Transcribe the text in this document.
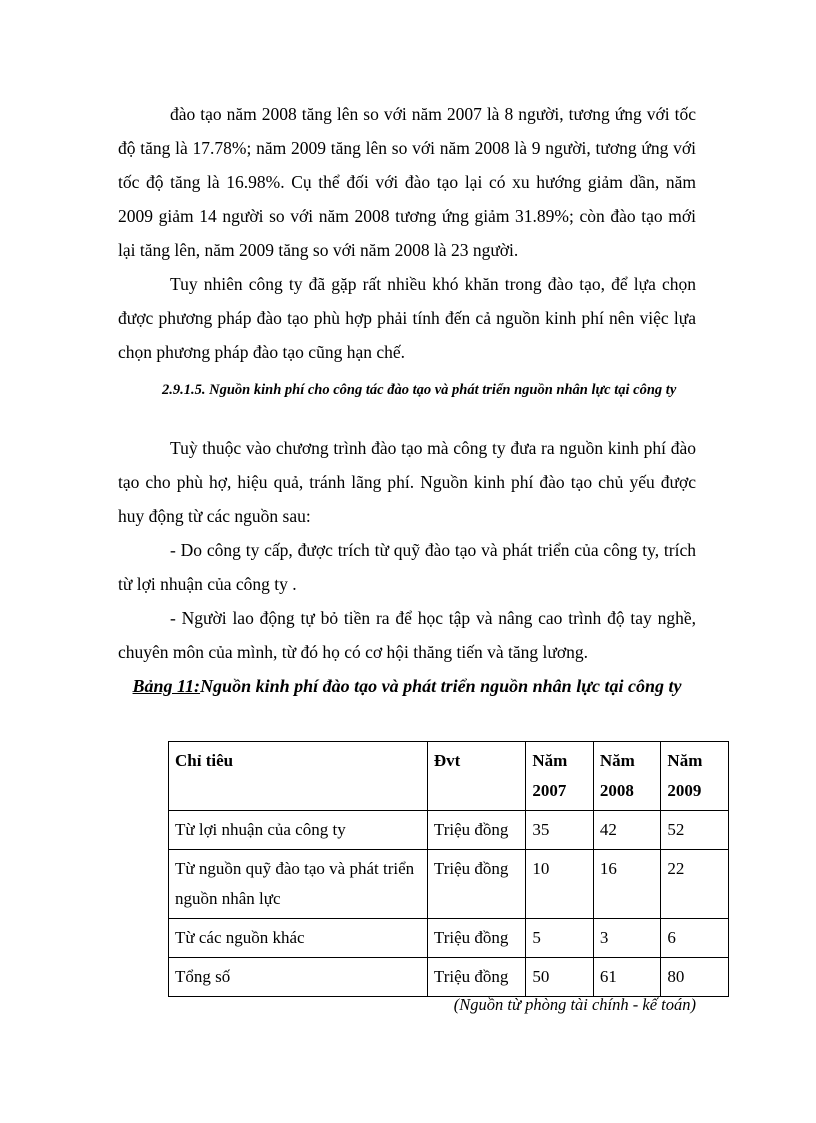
đào tạo năm 2008 tăng lên so với năm 2007 là 8 người, tương ứng với tốc độ tăng là 17.78%; năm 2009 tăng lên so với năm 2008 là 9 người, tương ứng với tốc độ tăng là 16.98%. Cụ thể đối với đào tạo lại có xu hướng giảm dần, năm 2009 giảm 14 người so với năm 2008 tương ứng giảm 31.89%; còn đào tạo mới lại tăng lên, năm 2009 tăng so với năm 2008 là 23 người.

Tuy nhiên công ty đã gặp rất nhiều khó khăn trong đào tạo, để lựa chọn được phương pháp đào tạo phù hợp phải tính đến cả nguồn kinh phí nên việc lựa chọn phương pháp đào tạo cũng hạn chế.

2.9.1.5. Nguồn kinh phí cho công tác đào tạo và phát triển nguồn nhân lực tại công ty

Tuỳ thuộc vào chương trình đào tạo mà công ty đưa ra nguồn kinh phí đào tạo cho phù hợ, hiệu quả, tránh lãng phí. Nguồn kinh phí đào tạo chủ yếu được huy động từ các nguồn sau:

- Do công ty cấp, được trích từ quỹ đào tạo và phát triển của công ty, trích từ lợi nhuận của công ty .

- Người lao động tự bỏ tiền ra để học tập và nâng cao trình độ tay nghề, chuyên môn của mình, từ đó họ có cơ hội thăng tiến và tăng lương.

Bảng 11:Nguồn kinh phí đào tạo và phát triển nguồn nhân lực tại công ty

Chỉ tiêu	Đvt	Năm 2007	Năm 2008	Năm 2009
Từ lợi nhuận của công ty	Triệu đồng	35	42	52
Từ nguồn quỹ đào tạo và phát triển nguồn nhân lực	Triệu đồng	10	16	22
Từ các nguồn khác	Triệu đồng	5	3	6
Tổng số	Triệu đồng	50	61	80

(Nguồn từ phòng tài chính - kế toán)
